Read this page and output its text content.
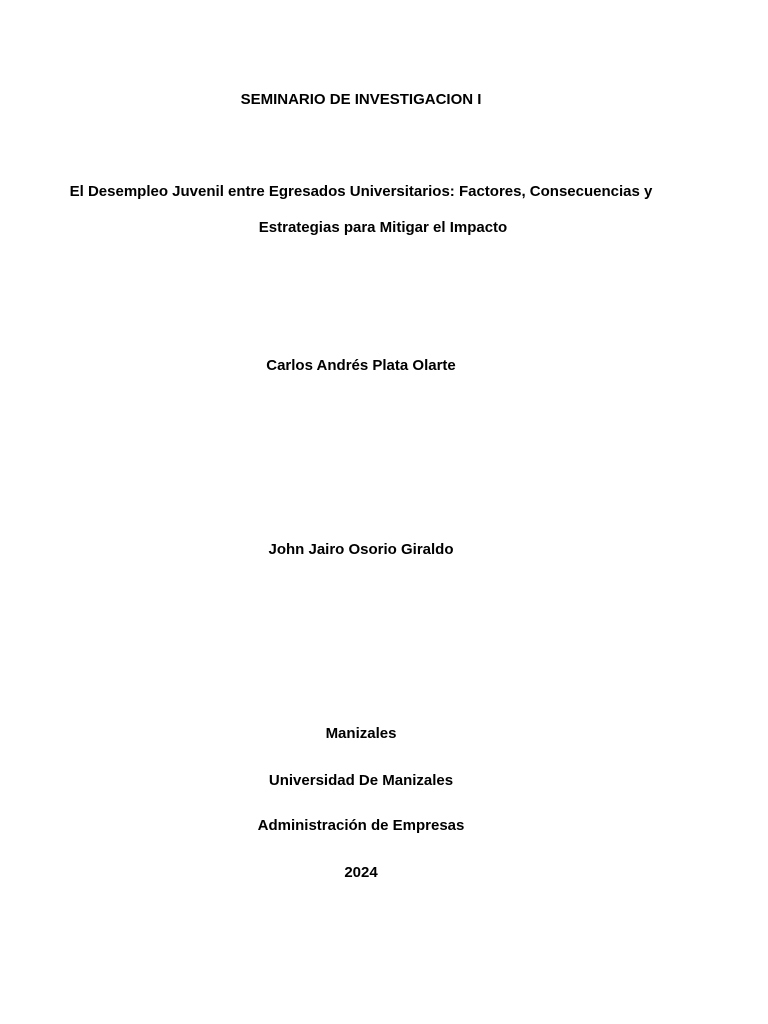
SEMINARIO DE INVESTIGACION I
El Desempleo Juvenil entre Egresados Universitarios: Factores, Consecuencias y
Estrategias para Mitigar el Impacto
Carlos Andrés Plata Olarte
John Jairo Osorio Giraldo
Manizales
Universidad De Manizales
Administración de Empresas
2024
